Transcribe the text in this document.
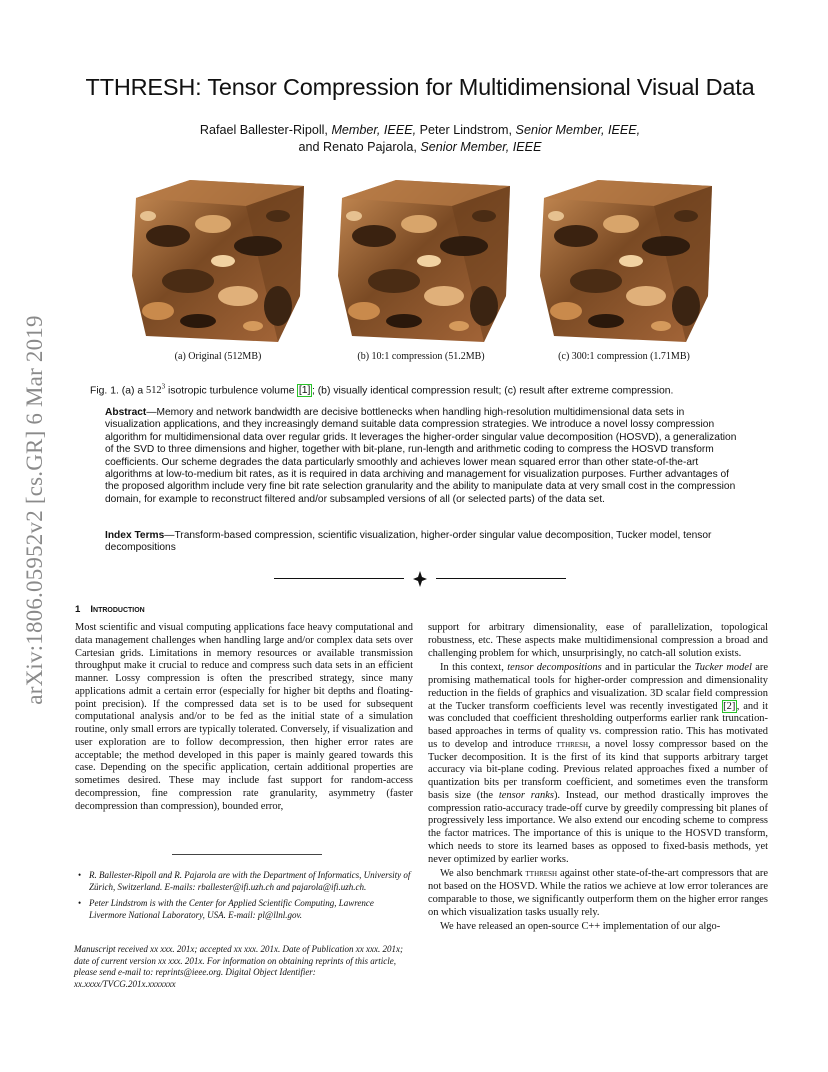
arXiv:1806.05952v2 [cs.GR] 6 Mar 2019
TTHRESH: Tensor Compression for Multidimensional Visual Data
Rafael Ballester-Ripoll, Member, IEEE, Peter Lindstrom, Senior Member, IEEE,
and Renato Pajarola, Senior Member, IEEE
(a) Original (512MB)	(b) 10:1 compression (51.2MB)	(c) 300:1 compression (1.71MB)
Fig. 1. (a) a $512^3$ isotropic turbulence volume [1] ; (b) visually identical compression result; (c) result after extreme compression.
Abstract—Memory and network bandwidth are decisive bottlenecks when handling high-resolution multidimensional data sets in visualization applications, and they increasingly demand suitable data compression strategies. We introduce a novel lossy compression algorithm for multidimensional data over regular grids. It leverages the higher-order singular value decomposition (HOSVD), a generalization of the SVD to three dimensions and higher, together with bit-plane, run-length and arithmetic coding to compress the HOSVD transform coefficients. Our scheme degrades the data particularly smoothly and achieves lower mean squared error than other state-of-the-art algorithms at low-to-medium bit rates, as it is required in data archiving and management for visualization purposes. Further advantages of the proposed algorithm include very fine bit rate selection granularity and the ability to manipulate data at very small cost in the compression domain, for example to reconstruct filtered and/or subsampled versions of all (or selected parts) of the data set.
Index Terms—Transform-based compression, scientific visualization, higher-order singular value decomposition, Tucker model, tensor decompositions
1 Introduction

Most scientific and visual computing applications face heavy computational and data management challenges when handling large and/or complex data sets over Cartesian grids. Limitations in memory resources or available transmission throughput make it crucial to reduce and compress such data sets in an efficient manner. Lossy compression is often the prescribed strategy, since many applications admit a certain error (especially for higher bit depths and floating-point precision). If the compressed data set is to be used for subsequent computational analysis and/or to be fed as the initial state of a simulation routine, only small errors are typically tolerated. Conversely, if visualization and user exploration are to follow decompression, then higher error rates are acceptable; the method developed in this paper is mainly geared towards this case. Depending on the specific application, certain additional properties are sometimes desired. These may include fast support for random-access decompression, fine compression rate granularity, asymmetry (faster decompression than compression), bounded error,

support for arbitrary dimensionality, ease of parallelization, topological robustness, etc. These aspects make multidimensional compression a broad and challenging problem for which, unsurprisingly, no catch-all solution exists.

In this context, tensor decompositions and in particular the Tucker model are promising mathematical tools for higher-order compression and dimensionality reduction in the fields of graphics and visualization. 3D scalar field compression at the Tucker transform coefficients level was recently investigated [2] , and it was concluded that coefficient thresholding outperforms earlier rank truncation-based approaches in terms of quality vs. compression ratio. This has motivated us to develop and introduce tthresh, a novel lossy compressor based on the Tucker decomposition. It is the first of its kind that supports arbitrary target accuracy via bit-plane coding. Previous related approaches fixed a number of quantization bits per transform coefficient, and sometimes even the transform basis size (the tensor ranks). Instead, our method drastically improves the compression ratio-accuracy trade-off curve by greedily compressing bit planes of progressively less importance. We also extend our encoding scheme to compress the factor matrices. The importance of this is unique to the HOSVD transform, which needs to store its learned bases as opposed to fixed-basis methods, yet never optimized by earlier works.

We also benchmark tthresh against other state-of-the-art compressors that are not based on the HOSVD. While the ratios we achieve at low error tolerances are comparable to those, we significantly outperform them on the higher error ranges on which visualization tasks usually rely.

We have released an open-source C++ implementation of our algo-

• R. Ballester-Ripoll and R. Pajarola are with the Department of Informatics, University of Zürich, Switzerland. E-mails: rballester@ifi.uzh.ch and pajarola@ifi.uzh.ch.
• Peter Lindstrom is with the Center for Applied Scientific Computing, Lawrence Livermore National Laboratory, USA. E-mail: pl@llnl.gov.
Manuscript received xx xxx. 201x; accepted xx xxx. 201x. Date of Publication xx xxx. 201x; date of current version xx xxx. 201x. For information on obtaining reprints of this article, please send e-mail to: reprints@ieee.org. Digital Object Identifier: xx.xxxx/TVCG.201x.xxxxxxx
